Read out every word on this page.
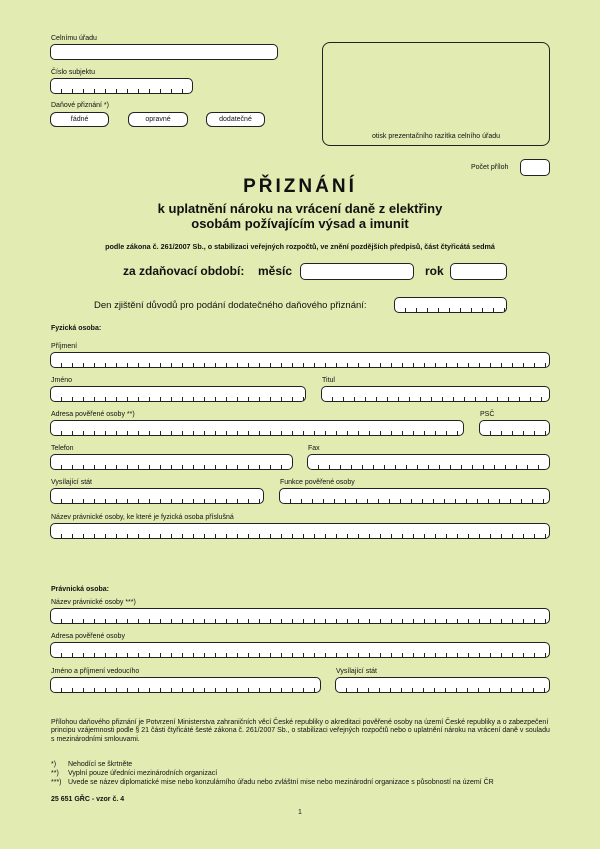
Celnímu úřadu
Číslo subjektu
Daňové přiznání *)
řádné	opravné	dodatečné
otisk prezentačního razítka celního úřadu
Počet příloh
PŘIZNÁNÍ
k uplatnění nároku na vrácení daně z elektřiny
osobám požívajícím výsad a imunit
podle zákona č. 261/2007 Sb., o stabilizaci veřejných rozpočtů, ve znění pozdějších předpisů, část čtyřicátá sedmá
za zdaňovací období: měsíc	rok
Den zjištění důvodů pro podání dodatečného daňového přiznání:
Fyzická osoba:
Příjmení
Jméno	Titul
Adresa pověřené osoby **)	PSČ
Telefon	Fax
Vysílající stát	Funkce pověřené osoby
Název právnické osoby, ke které je fyzická osoba příslušná
Právnická osoba:
Název právnické osoby ***)
Adresa pověřené osoby
Jméno a příjmení vedoucího	Vysílající stát
Přílohou daňového přiznání je Potvrzení Ministerstva zahraničních věcí České republiky o akreditaci pověřené osoby na území České republiky a o zabezpečení principu vzájemnosti podle § 21 části čtyřicáté šesté zákona č. 261/2007 Sb., o stabilizaci veřejných rozpočtů nebo o uplatnění nároku na vrácení daně v souladu s mezinárodními smlouvami.
*) Nehodící se škrtněte
**) Vyplní pouze úředníci mezinárodních organizací
***) Uvede se název diplomatické mise nebo konzulárního úřadu nebo zvláštní mise nebo mezinárodní organizace s působností na území ČR
25 651 GŘC - vzor č. 4
1
